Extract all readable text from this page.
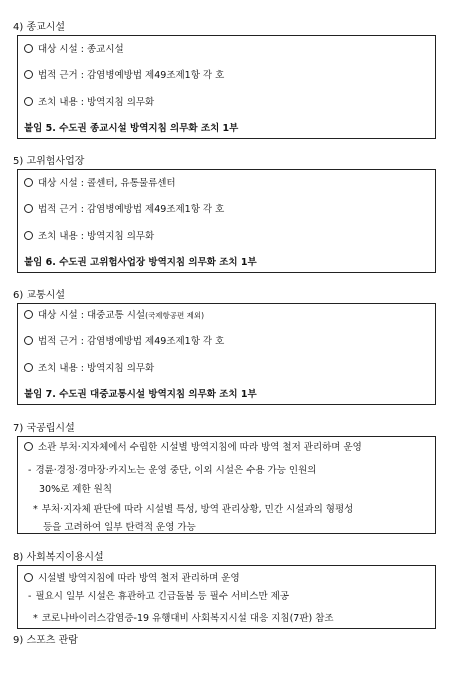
4) 종교시설
대상 시설 : 종교시설
법적 근거 : 감염병예방법 제49조제1항 각 호
조치 내용 : 방역지침 의무화
붙임 5. 수도권 종교시설 방역지침 의무화 조치 1부
5) 고위험사업장
대상 시설 : 콜센터, 유통물류센터
법적 근거 : 감염병예방법 제49조제1항 각 호
조치 내용 : 방역지침 의무화
붙임 6. 수도권 고위험사업장 방역지침 의무화 조치 1부
6) 교통시설
대상 시설 : 대중교통 시설(국제항공편 제외)
법적 근거 : 감염병예방법 제49조제1항 각 호
조치 내용 : 방역지침 의무화
붙임 7. 수도권 대중교통시설 방역지침 의무화 조치 1부
7) 국공립시설
소관 부처·지자체에서 수립한 시설별 방역지침에 따라 방역 철저 관리하며 운영
- 경륜·경정·경마장·카지노는 운영 중단, 이외 시설은 수용 가능 인원의
30%로 제한 원칙
* 부처·지자체 판단에 따라 시설별 특성, 방역 관리상황, 민간 시설과의 형평성
등을 고려하여 일부 탄력적 운영 가능
8) 사회복지이용시설
시설별 방역지침에 따라 방역 철저 관리하며 운영
- 필요시 일부 시설은 휴관하고 긴급돌봄 등 필수 서비스만 제공
* 코로나바이러스감염증-19 유행대비 사회복지시설 대응 지침(7판) 참조
9) 스포츠 관람
